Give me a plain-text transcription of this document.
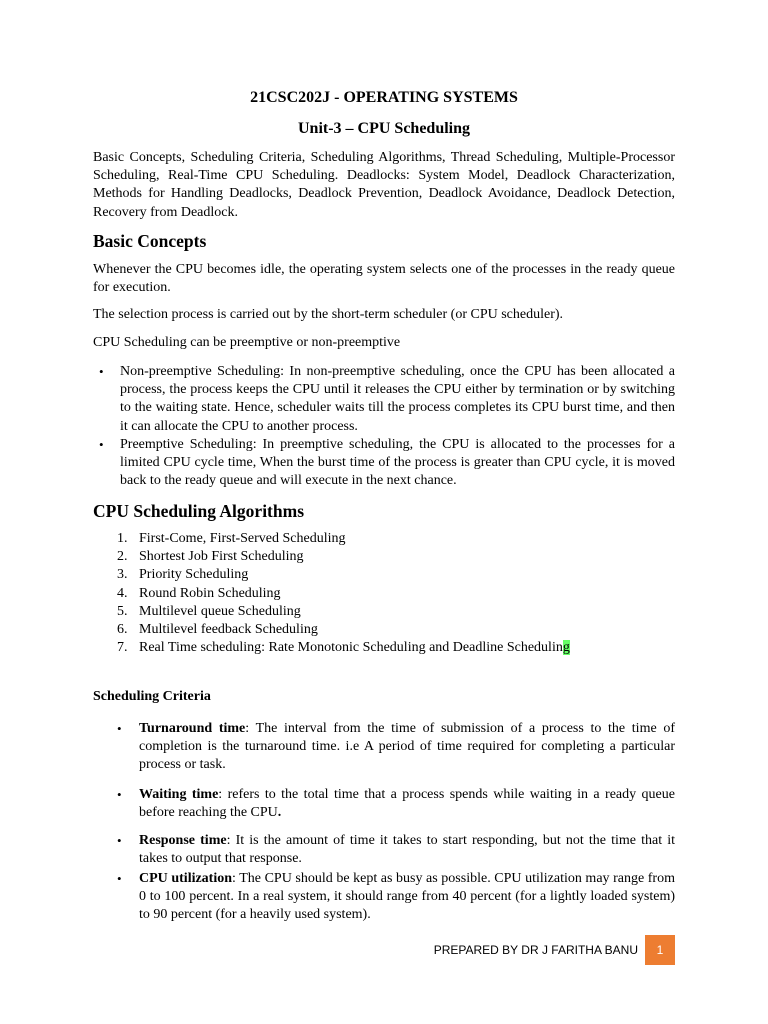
21CSC202J - OPERATING SYSTEMS
Unit-3 – CPU Scheduling

Basic Concepts, Scheduling Criteria, Scheduling Algorithms, Thread Scheduling, Multiple-Processor Scheduling, Real-Time CPU Scheduling. Deadlocks: System Model, Deadlock Characterization, Methods for Handling Deadlocks, Deadlock Prevention, Deadlock Avoidance, Deadlock Detection, Recovery from Deadlock.

Basic Concepts

Whenever the CPU becomes idle, the operating system selects one of the processes in the ready queue for execution.

The selection process is carried out by the short-term scheduler (or CPU scheduler).

CPU Scheduling can be preemptive or non-preemptive

• Non-preemptive Scheduling: In non-preemptive scheduling, once the CPU has been allocated a process, the process keeps the CPU until it releases the CPU either by termination or by switching to the waiting state. Hence, scheduler waits till the process completes its CPU burst time, and then it can allocate the CPU to another process.
• Preemptive Scheduling: In preemptive scheduling, the CPU is allocated to the processes for a limited CPU cycle time, When the burst time of the process is greater than CPU cycle, it is moved back to the ready queue and will execute in the next chance.
CPU Scheduling Algorithms
1. First-Come, First-Served Scheduling
2. Shortest Job First Scheduling
3. Priority Scheduling
4. Round Robin Scheduling
5. Multilevel queue Scheduling
6. Multilevel feedback Scheduling
7. Real Time scheduling: Rate Monotonic Scheduling and Deadline Scheduling
Scheduling Criteria
• Turnaround time: The interval from the time of submission of a process to the time of completion is the turnaround time. i.e A period of time required for completing a particular process or task.
• Waiting time: refers to the total time that a process spends while waiting in a ready queue before reaching the CPU.
• Response time: It is the amount of time it takes to start responding, but not the time that it takes to output that response.
• CPU utilization: The CPU should be kept as busy as possible. CPU utilization may range from 0 to 100 percent. In a real system, it should range from 40 percent (for a lightly loaded system) to 90 percent (for a heavily used system).
PREPARED BY DR J FARITHA BANU	1
